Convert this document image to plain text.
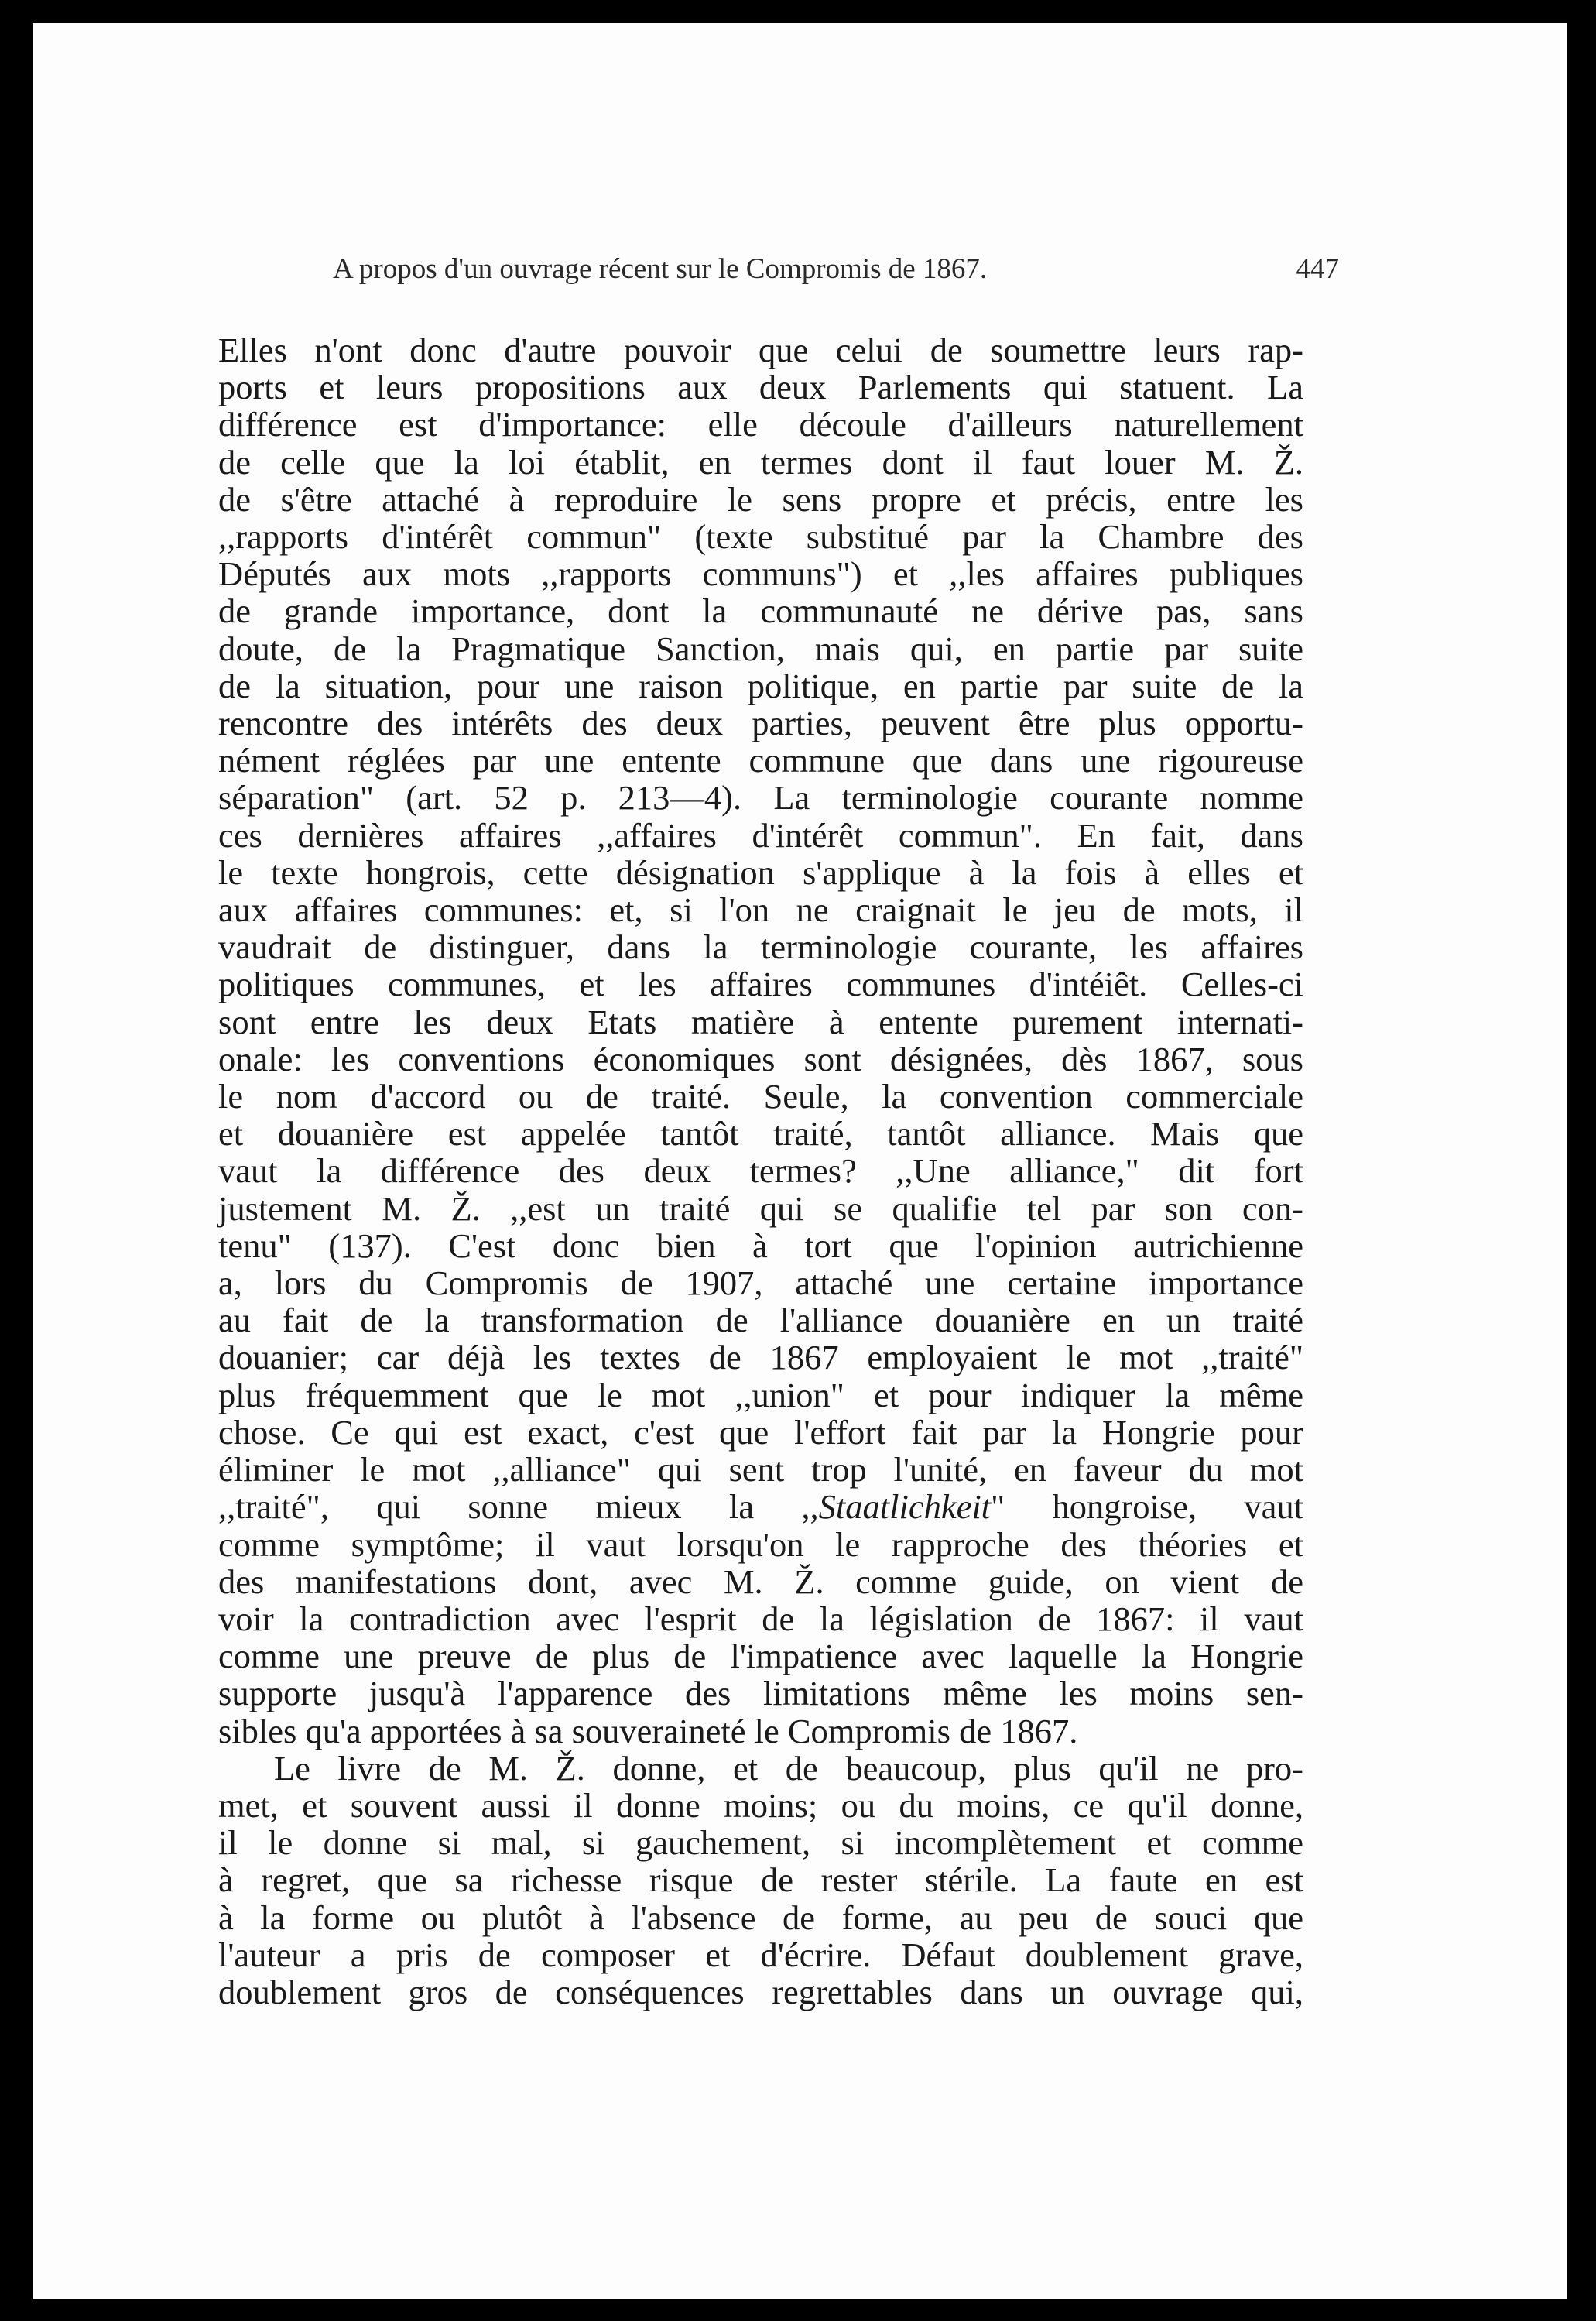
A propos d'un ouvrage récent sur le Compromis de 1867.	447

Elles n'ont donc d'autre pouvoir que celui de soumettre leurs rap-
ports et leurs propositions aux deux Parlements qui statuent. La
différence est d'importance: elle découle d'ailleurs naturellement
de celle que la loi établit, en termes dont il faut louer M. Ž.
de s'être attaché à reproduire le sens propre et précis, entre les
,,rapports d'intérêt commun" (texte substitué par la Chambre des
Députés aux mots ,,rapports communs") et ,,les affaires publiques
de grande importance, dont la communauté ne dérive pas, sans
doute, de la Pragmatique Sanction, mais qui, en partie par suite
de la situation, pour une raison politique, en partie par suite de la
rencontre des intérêts des deux parties, peuvent être plus opportu-
nément réglées par une entente commune que dans une rigoureuse
séparation" (art. 52 p. 213—4). La terminologie courante nomme
ces dernières affaires ,,affaires d'intérêt commun". En fait, dans
le texte hongrois, cette désignation s'applique à la fois à elles et
aux affaires communes: et, si l'on ne craignait le jeu de mots, il
vaudrait de distinguer, dans la terminologie courante, les affaires
politiques communes, et les affaires communes d'intéiêt. Celles-ci
sont entre les deux Etats matière à entente purement internati-
onale: les conventions économiques sont désignées, dès 1867, sous
le nom d'accord ou de traité. Seule, la convention commerciale
et douanière est appelée tantôt traité, tantôt alliance. Mais que
vaut la différence des deux termes? ,,Une alliance," dit fort
justement M. Ž. ,,est un traité qui se qualifie tel par son con-
tenu" (137). C'est donc bien à tort que l'opinion autrichienne
a, lors du Compromis de 1907, attaché une certaine importance
au fait de la transformation de l'alliance douanière en un traité
douanier; car déjà les textes de 1867 employaient le mot ,,traité"
plus fréquemment que le mot ,,union" et pour indiquer la même
chose. Ce qui est exact, c'est que l'effort fait par la Hongrie pour
éliminer le mot ,,alliance" qui sent trop l'unité, en faveur du mot
,,traité", qui sonne mieux la ,,Staatlichkeit" hongroise, vaut
comme symptôme; il vaut lorsqu'on le rapproche des théories et
des manifestations dont, avec M. Ž. comme guide, on vient de
voir la contradiction avec l'esprit de la législation de 1867: il vaut
comme une preuve de plus de l'impatience avec laquelle la Hongrie
supporte jusqu'à l'apparence des limitations même les moins sen-
sibles qu'a apportées à sa souveraineté le Compromis de 1867.

Le livre de M. Ž. donne, et de beaucoup, plus qu'il ne pro-
met, et souvent aussi il donne moins; ou du moins, ce qu'il donne,
il le donne si mal, si gauchement, si incomplètement et comme
à regret, que sa richesse risque de rester stérile. La faute en est
à la forme ou plutôt à l'absence de forme, au peu de souci que
l'auteur a pris de composer et d'écrire. Défaut doublement grave,
doublement gros de conséquences regrettables dans un ouvrage qui,
